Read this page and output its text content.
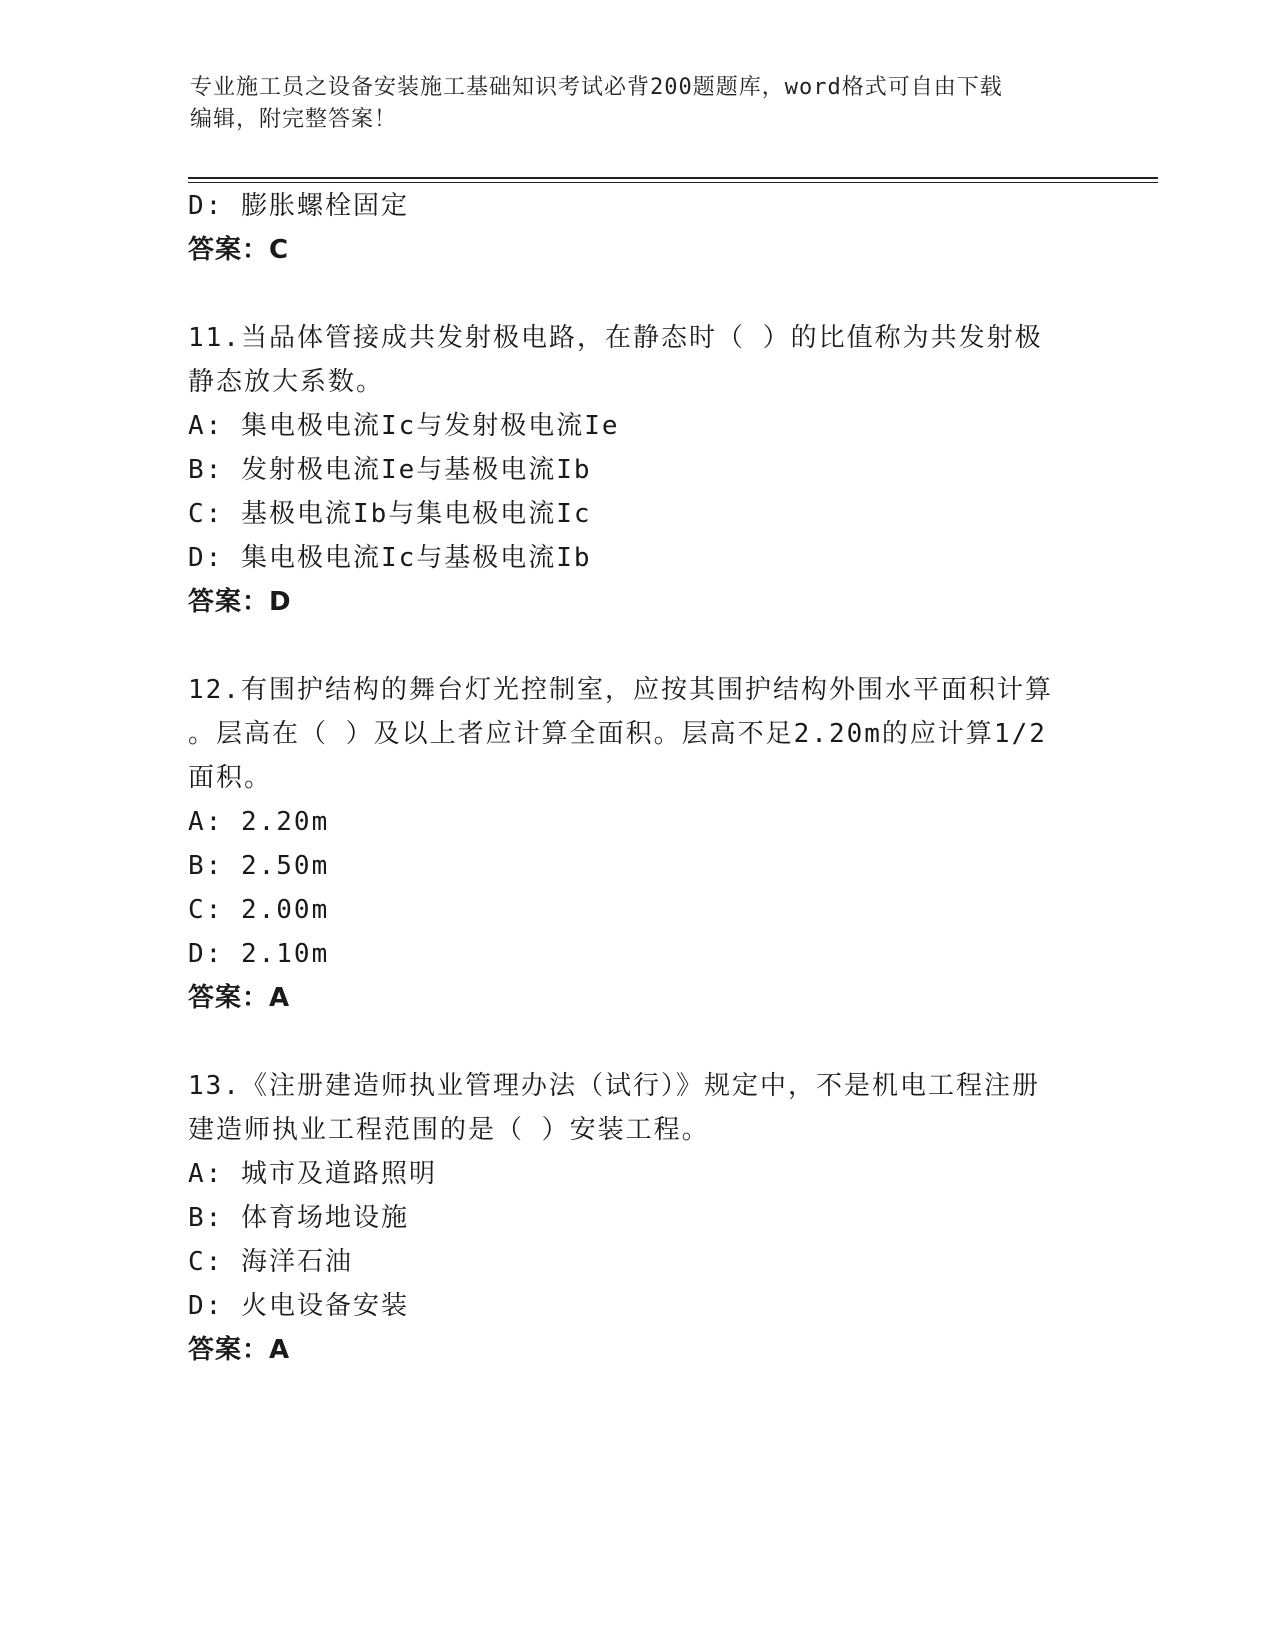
专业施工员之设备安装施工基础知识考试必背200题题库，word格式可自由下载
编辑，附完整答案！
D: 膨胀螺栓固定
答案：C
11.当品体管接成共发射极电路，在静态时（ ）的比值称为共发射极
静态放大系数。
A: 集电极电流Ic与发射极电流Ie
B: 发射极电流Ie与基极电流Ib
C: 基极电流Ib与集电极电流Ic
D: 集电极电流Ic与基极电流Ib
答案：D
12.有围护结构的舞台灯光控制室，应按其围护结构外围水平面积计算
。层高在（ ）及以上者应计算全面积。层高不足2.20m的应计算1/2
面积。
A: 2.20m
B: 2.50m
C: 2.00m
D: 2.10m
答案：A
13.《注册建造师执业管理办法（试行）》规定中，不是机电工程注册
建造师执业工程范围的是（ ）安装工程。
A: 城市及道路照明
B: 体育场地设施
C: 海洋石油
D: 火电设备安装
答案：A
